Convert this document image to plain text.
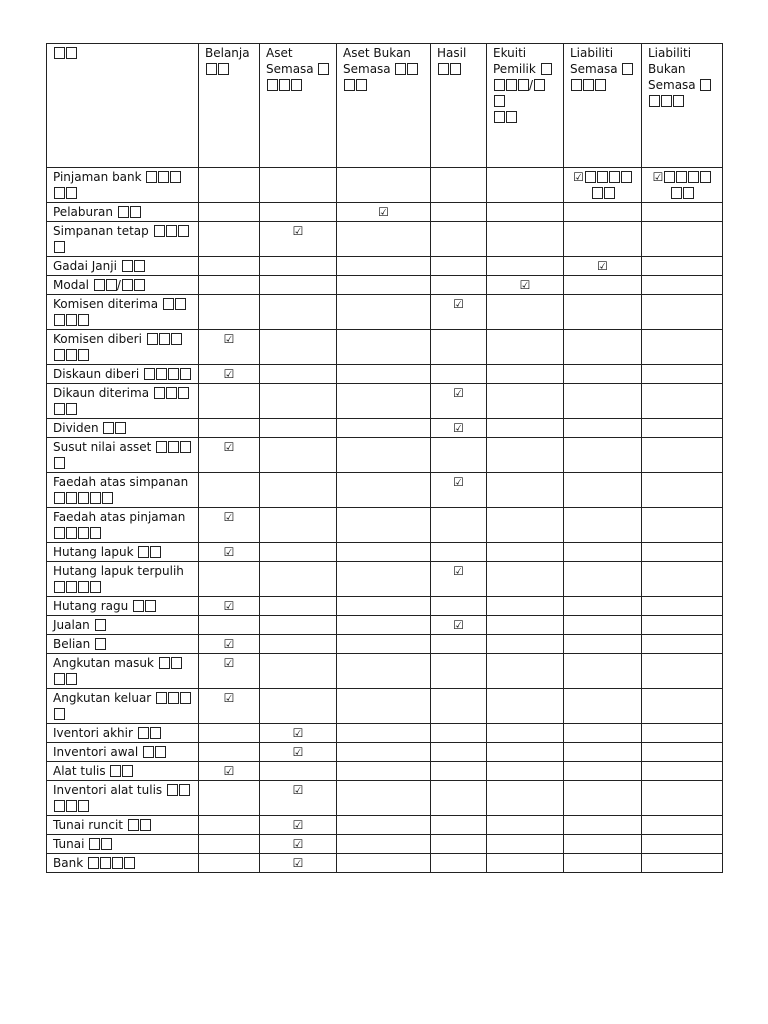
	Belanja	Aset Semasa	Aset Bukan Semasa	Hasil	Ekuiti Pemilik /	Liabiliti Semasa	Liabiliti Bukan Semasa
Pinjaman bank						☑	☑

Pelaburan			☑				
Simpanan tetap		☑					
Gadai Janji						☑	
Modal /					☑		
Komisen diterima				☑			
Komisen diberi	☑						
Diskaun diberi	☑						
Dikaun diterima				☑			
Dividen				☑			
Susut nilai asset	☑						
Faedah atas simpanan				☑			
Faedah atas pinjaman	☑						
Hutang lapuk	☑						
Hutang lapuk terpulih				☑			
Hutang ragu	☑						
Jualan				☑			
Belian	☑						
Angkutan masuk	☑						
Angkutan keluar	☑						
Iventori akhir		☑					
Inventori awal		☑					
Alat tulis	☑						
Inventori alat tulis		☑					
Tunai runcit		☑					
Tunai		☑					
Bank		☑					
